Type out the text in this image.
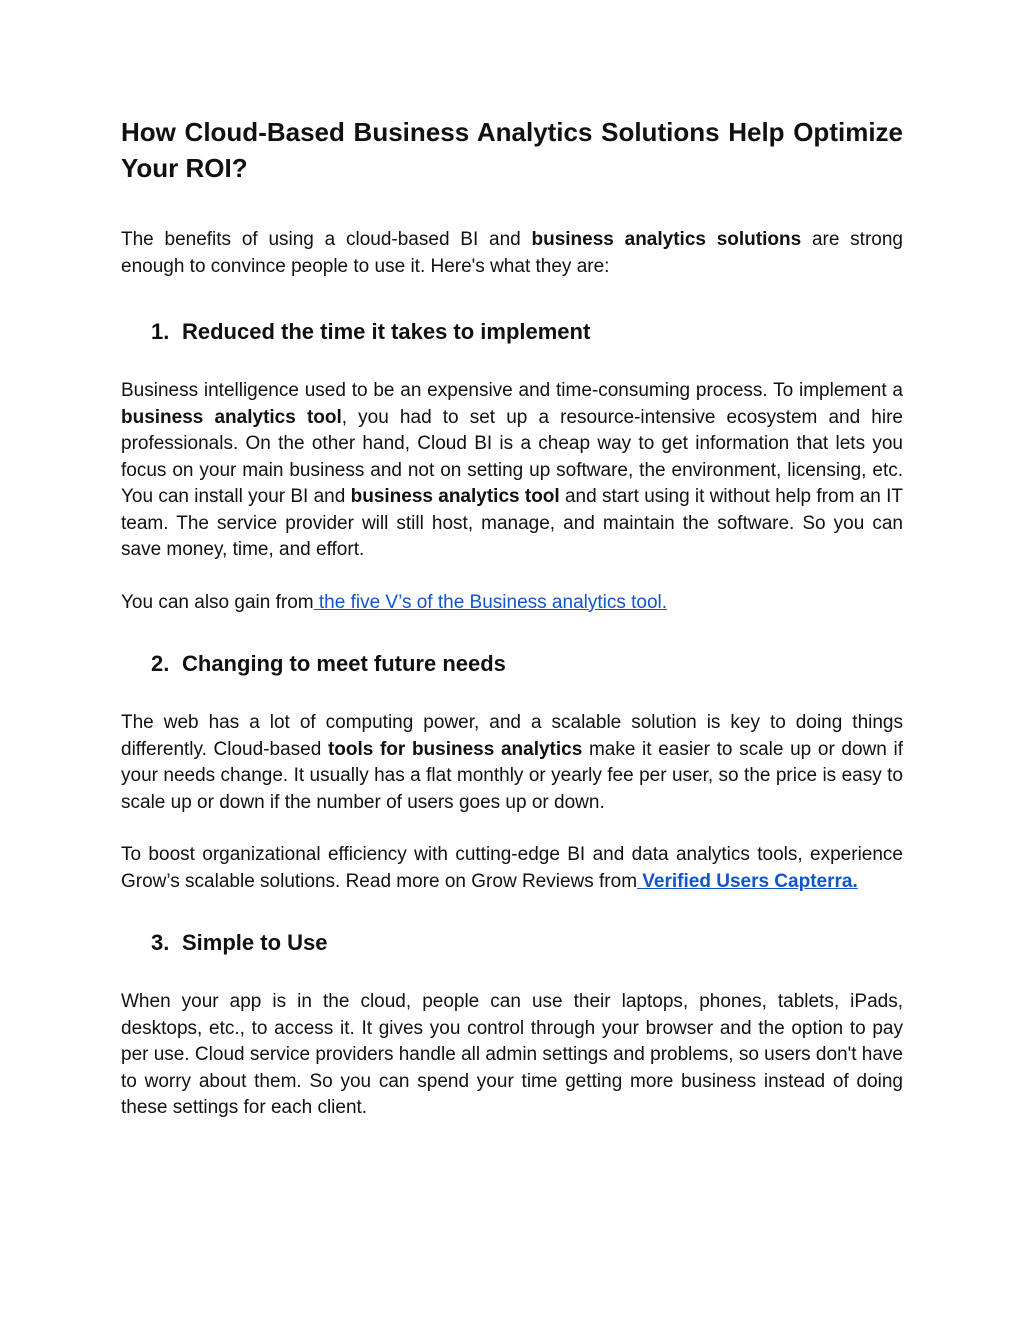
How Cloud-Based Business Analytics Solutions Help Optimize Your ROI?

The benefits of using a cloud-based BI and business analytics solutions are strong enough to convince people to use it. Here's what they are:

1. Reduced the time it takes to implement

Business intelligence used to be an expensive and time-consuming process. To implement a business analytics tool, you had to set up a resource-intensive ecosystem and hire professionals. On the other hand, Cloud BI is a cheap way to get information that lets you focus on your main business and not on setting up software, the environment, licensing, etc. You can install your BI and business analytics tool and start using it without help from an IT team. The service provider will still host, manage, and maintain the software. So you can save money, time, and effort.

You can also gain from the five V’s of the Business analytics tool.

2. Changing to meet future needs

The web has a lot of computing power, and a scalable solution is key to doing things differently. Cloud-based tools for business analytics make it easier to scale up or down if your needs change. It usually has a flat monthly or yearly fee per user, so the price is easy to scale up or down if the number of users goes up or down.

To boost organizational efficiency with cutting-edge BI and data analytics tools, experience Grow’s scalable solutions. Read more on Grow Reviews from Verified Users Capterra.

3. Simple to Use

When your app is in the cloud, people can use their laptops, phones, tablets, iPads, desktops, etc., to access it. It gives you control through your browser and the option to pay per use. Cloud service providers handle all admin settings and problems, so users don't have to worry about them. So you can spend your time getting more business instead of doing these settings for each client.
